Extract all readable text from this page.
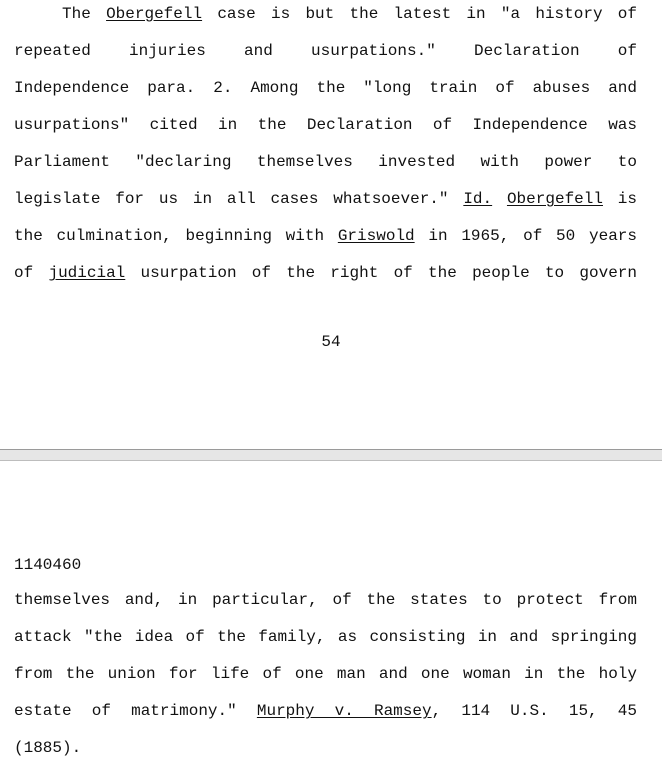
The Obergefell case is but the latest in "a history of
repeated injuries and usurpations." Declaration of
Independence para. 2. Among the "long train of abuses and
usurpations" cited in the Declaration of Independence was
Parliament "declaring themselves invested with power to
legislate for us in all cases whatsoever." Id. Obergefell is
the culmination, beginning with Griswold in 1965, of 50 years
of judicial usurpation of the right of the people to govern
54
1140460
themselves and, in particular, of the states to protect from
attack "the idea of the family, as consisting in and springing
from the union for life of one man and one woman in the holy
estate of matrimony." Murphy v. Ramsey, 114 U.S. 15, 45
(1885).
